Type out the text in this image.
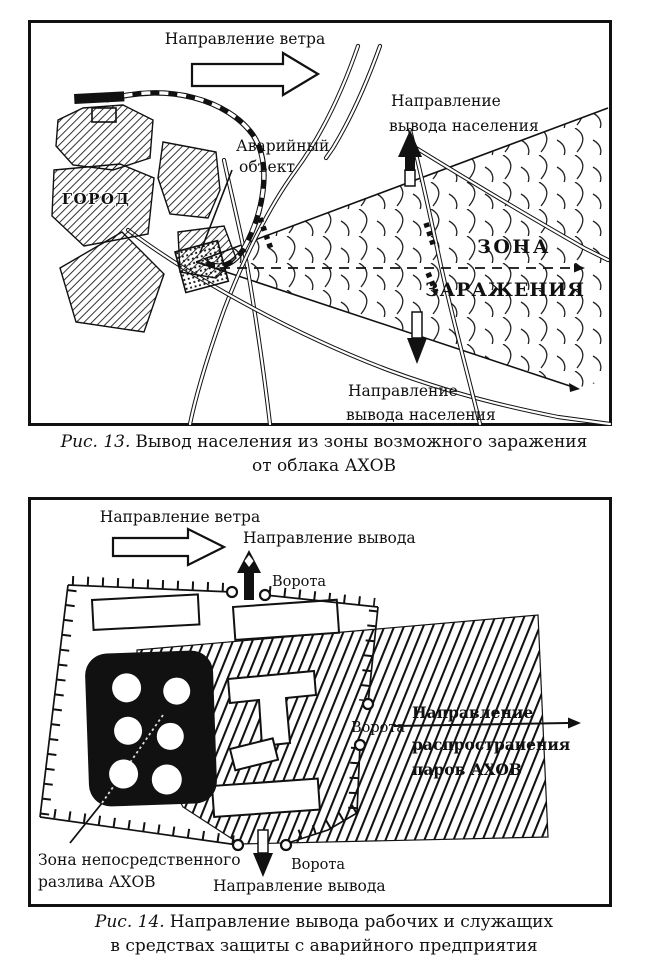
ГОРОД
Аварийный
объект
ЗОНА
ЗАРАЖЕНИЯ
Направление ветра
Направление
вывода населения
Направление
вывода населения
Рис. 13. Вывод населения из зоны возможного заражения
от облака АХОВ
Направление ветра
Направление вывода
Ворота
Ворота
Направление
распространения
паров АХОВ
Зона непосредственного
разлива АХОВ
Ворота
Направление вывода
Рис. 14. Направление вывода рабочих и служащих
в средствах защиты с аварийного предприятия
